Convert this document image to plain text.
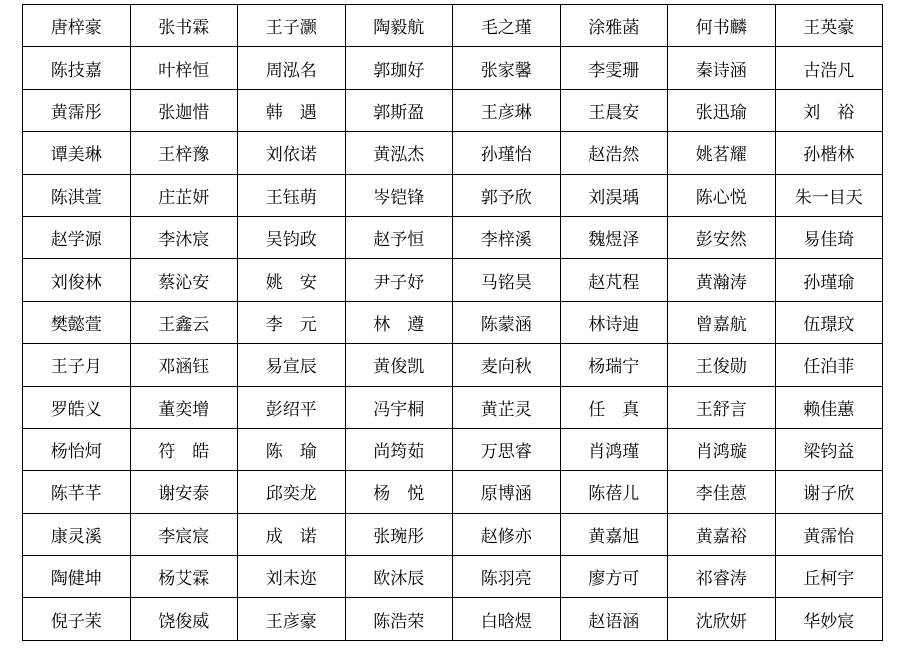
唐梓豪	张书霖	王子灏	陶毅航	毛之瑾	涂雅菡	何书麟	王英豪
陈技嘉	叶梓恒	周泓名	郭珈好	张家馨	李雯珊	秦诗涵	古浩凡
黄霈彤	张迦惜	韩　遇	郭斯盈	王彦琳	王晨安	张迅瑜	刘　裕
谭美琳	王梓豫	刘依诺	黄泓杰	孙瑾怡	赵浩然	姚茗耀	孙楷林
陈淇萱	庄芷妍	王钰萌	岑铠锋	郭予欣	刘淏瑀	陈心悦	朱一目天
赵学源	李沐宸	吴钧政	赵予恒	李梓溪	魏煜泽	彭安然	易佳琦
刘俊林	蔡沁安	姚　安	尹子妤	马铭昊	赵芃程	黄瀚涛	孙瑾瑜
樊懿萱	王鑫云	李　元	林　遵	陈蒙涵	林诗迪	曾嘉航	伍璟玟
王子月	邓涵钰	易宣辰	黄俊凯	麦向秋	杨瑞宁	王俊勋	任泊菲
罗皓义	董奕增	彭绍平	冯宇桐	黄芷灵	任　真	王舒言	赖佳蕙
杨怡炣	符　皓	陈　瑜	尚筠茹	万思睿	肖鸿瑾	肖鸿璇	梁钧益
陈芊芊	谢安泰	邱奕龙	杨　悦	原博涵	陈蓓儿	李佳蒽	谢子欣
康灵溪	李宸宸	成　诺	张琬彤	赵修亦	黄嘉旭	黄嘉裕	黄霈怡
陶健坤	杨艾霖	刘未迩	欧沐辰	陈羽亮	廖方可	祁睿涛	丘柯宇
倪子茉	饶俊威	王彦豪	陈浩荣	白晗煜	赵语涵	沈欣妍	华妙宸
